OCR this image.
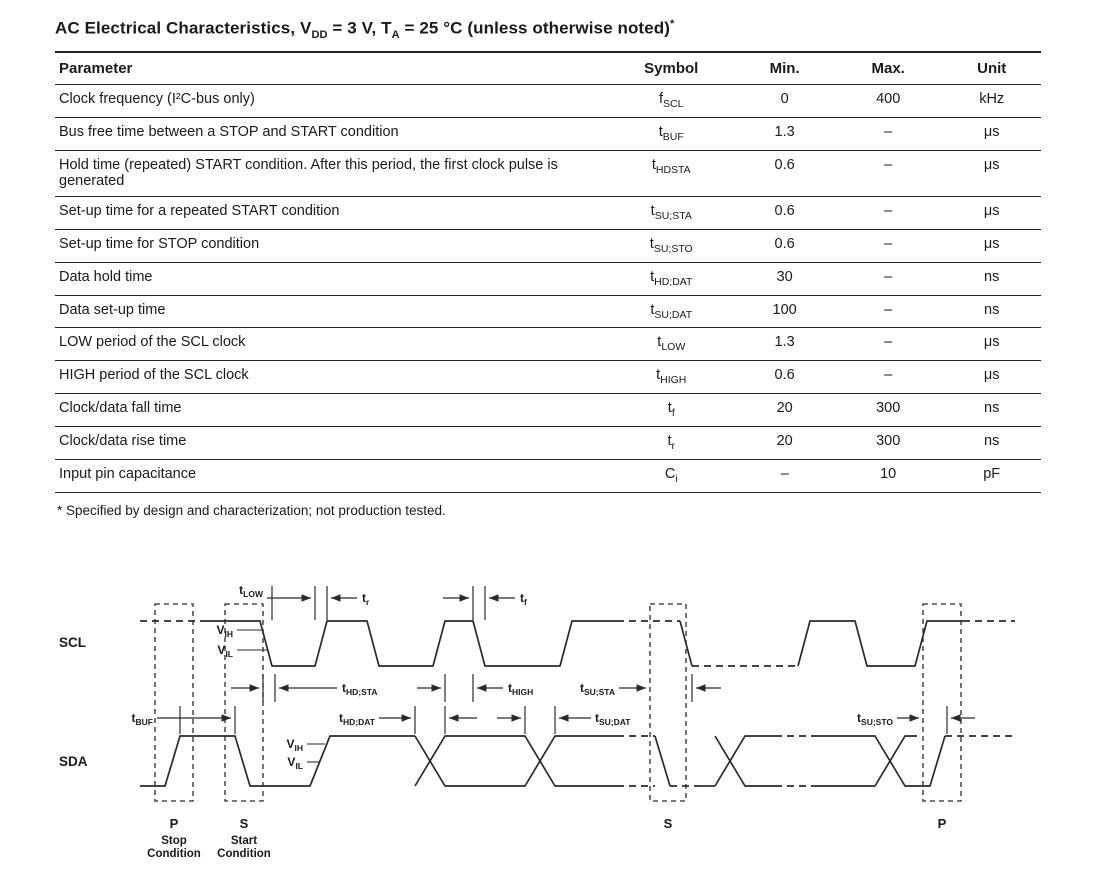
AC Electrical Characteristics, $V_{DD} = 3$ V, $T_A = 25$ °C (unless otherwise noted)*
Parameter	Symbol	Min.	Max.	Unit
Clock frequency (I²C-bus only)	$f_{SCL}$	0	400	kHz
Bus free time between a STOP and START condition	$t_{BUF}$	1.3	–	μs
Hold time (repeated) START condition. After this period, the first clock pulse is generated	$t_{HDSTA}$	0.6	–	μs
Set-up time for a repeated START condition	$t_{SU;STA}$	0.6	–	μs
Set-up time for STOP condition	$t_{SU;STO}$	0.6	–	μs
Data hold time	$t_{HD;DAT}$	30	–	ns
Data set-up time	$t_{SU;DAT}$	100	–	ns
LOW period of the SCL clock	$t_{LOW}$	1.3	–	μs
HIGH period of the SCL clock	$t_{HIGH}$	0.6	–	μs
Clock/data fall time	$t_f$	20	300	ns
Clock/data rise time	$t_r$	20	300	ns
Input pin capacitance	$C_i$	–	10	pF

* Specified by design and characterization; not production tested.

SCL
SDA
$t_{LOW}$	$t_r$	$t_f$
$t_{HD;STA}$	$t_{HIGH}$	$t_{SU;STA}$
$t_{BUF}$	$t_{HD;DAT}$	$t_{SU;DAT}$	$t_{SU;STO}$
$V_{IH}$
$V_{IL}$
$V_{IH}$
$V_{IL}$
P	S	S	P
Stop
Condition
Start
Condition
